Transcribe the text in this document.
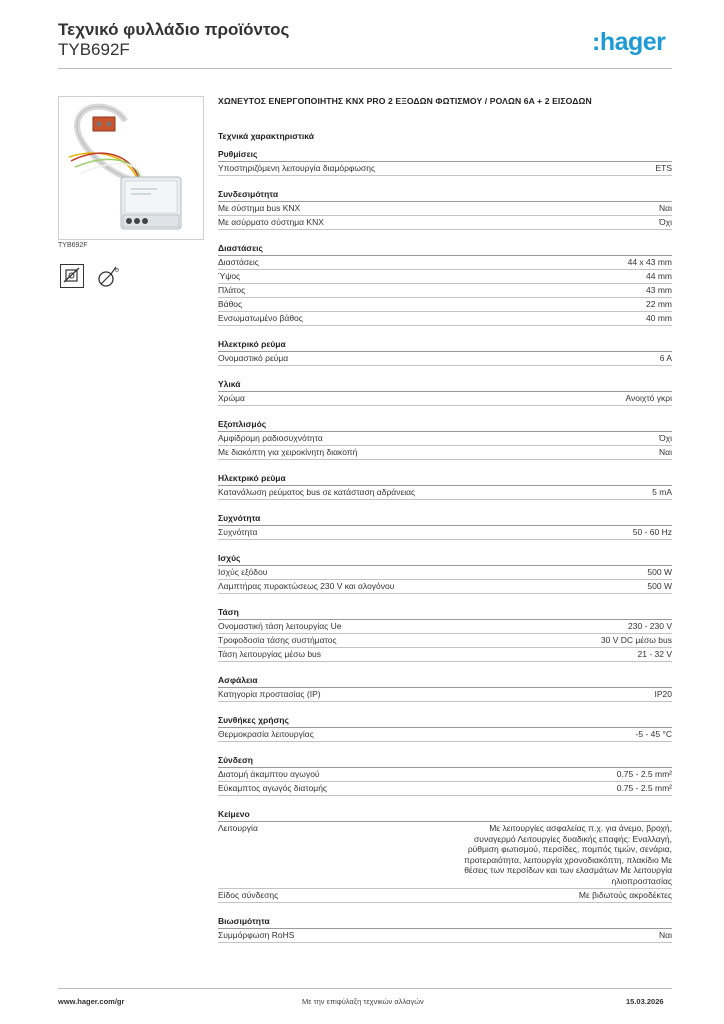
Τεχνικό φυλλάδιο προϊόντος
TYB692F	:hager
TYB692F
Θ
ΧΩΝΕΥΤΟΣ ΕΝΕΡΓΟΠΟΙΗΤΗΣ KNX PRO 2 ΕΞΟΔΩΝ ΦΩΤΙΣΜΟΥ / ΡΟΛΩΝ 6A + 2 ΕΙΣΟΔΩΝ
Τεχνικά χαρακτηριστικά
Ρυθμίσεις
Υποστηριζόμενη λειτουργία διαμόρφωσης	ETS
Συνδεσιμότητα
Με σύστημα bus KNX	Ναι
Με ασύρματο σύστημα KNX	Όχι
Διαστάσεις
Διαστάσεις	44 x 43 mm
Ύψος	44 mm
Πλάτος	43 mm
Βάθος	22 mm
Ενσωματωμένο βάθος	40 mm
Ηλεκτρικό ρεύμα
Ονομαστικό ρεύμα	6 A
Υλικά
Χρώμα	Ανοιχτό γκρι
Εξοπλισμός
Αμφίδρομη ραδιοσυχνότητα	Όχι
Με διακόπτη για χειροκίνητη διακοπή	Ναι
Ηλεκτρικό ρεύμα
Κατανάλωση ρεύματος bus σε κατάσταση αδράνειας	5 mA
Συχνότητα
Συχνότητα	50 - 60 Hz
Ισχύς
Ισχύς εξόδου	500 W
Λαμπτήρας πυρακτώσεως 230 V και αλογόνου	500 W
Τάση
Ονομαστική τάση λειτουργίας Ue	230 - 230 V
Τροφοδοσία τάσης συστήματος	30 V DC μέσω bus
Τάση λειτουργίας μέσω bus	21 - 32 V
Ασφάλεια
Κατηγορία προστασίας (IP)	IP20
Συνθήκες χρήσης
Θερμοκρασία λειτουργίας	-5 - 45 °C
Σύνδεση
Διατομή άκαμπτου αγωγού	0.75 - 2.5 mm²
Εύκαμπτος αγωγός διατομής	0.75 - 2.5 mm²
Κείμενο
Λειτουργία	Με λειτουργίες ασφαλείας π.χ. για άνεμο, βροχή, συναγερμό Λειτουργίες δυαδικής επαφής: Εναλλαγή, ρύθμιση φωτισμού, περσίδες, πομπός τιμών, σενάρια, προτεραιότητα, λειτουργία χρονοδιακόπτη, πλακίδιο Με θέσεις των περσίδων και των ελασμάτων Με λειτουργία ηλιοπροστασίας
Είδος σύνδεσης	Με βιδωτούς ακροδέκτες
Βιωσιμότητα
Συμμόρφωση RoHS	Ναι
www.hager.com/gr	Με την επιφύλαξη τεχνικών αλλαγών	15.03.2026
